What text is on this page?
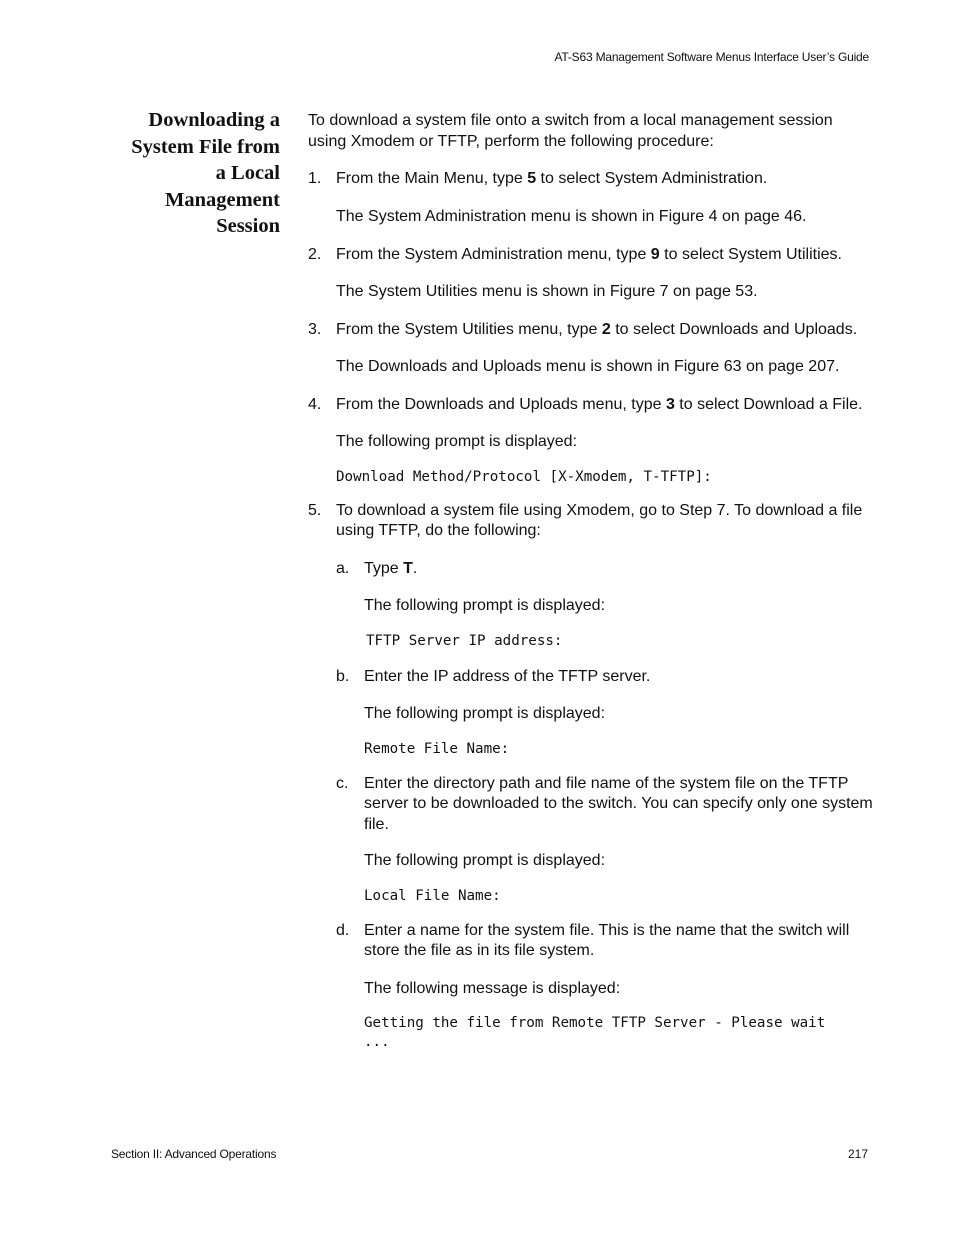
AT-S63 Management Software Menus Interface User’s Guide
Downloading a
System File from
a Local
Management
Session

To download a system file onto a switch from a local management session using Xmodem or TFTP, perform the following procedure:

1. From the Main Menu, type 5 to select System Administration.

The System Administration menu is shown in Figure 4 on page 46.

2. From the System Administration menu, type 9 to select System Utilities.

The System Utilities menu is shown in Figure 7 on page 53.

3. From the System Utilities menu, type 2 to select Downloads and Uploads.

The Downloads and Uploads menu is shown in Figure 63 on page 207.

4. From the Downloads and Uploads menu, type 3 to select Download a File.

The following prompt is displayed:

Download Method/Protocol [X-Xmodem, T-TFTP]:
5. To download a system file using Xmodem, go to Step 7. To download a file using TFTP, do the following:

a. Type T.

The following prompt is displayed:

TFTP Server IP address:
b. Enter the IP address of the TFTP server.

The following prompt is displayed:

Remote File Name:
c. Enter the directory path and file name of the system file on the TFTP server to be downloaded to the switch. You can specify only one system file.

The following prompt is displayed:

Local File Name:
d. Enter a name for the system file. This is the name that the switch will store the file as in its file system.

The following message is displayed:

Getting the file from Remote TFTP Server - Please wait
...
Section II: Advanced Operations	217
